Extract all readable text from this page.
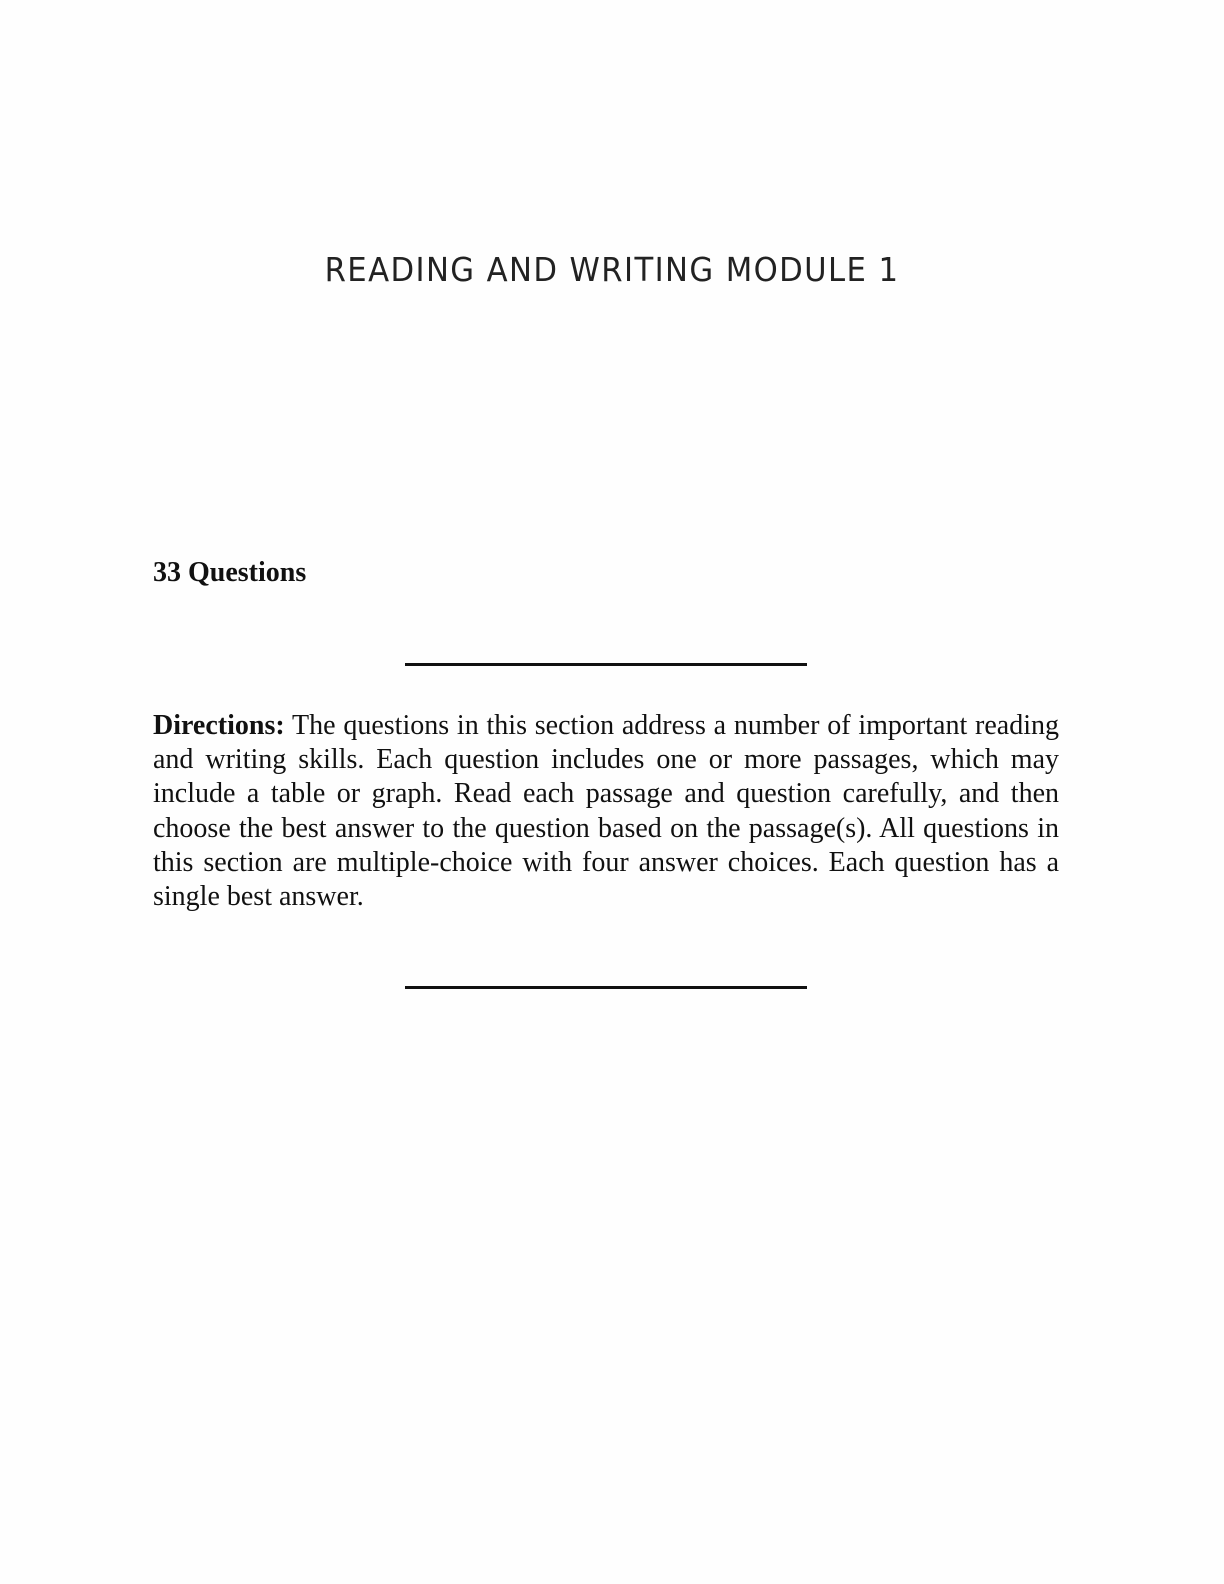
READING AND WRITING MODULE 1

33 Questions

Directions: The questions in this section address a number of important reading and writing skills. Each question includes one or more passages, which may include a table or graph. Read each passage and question carefully, and then choose the best answer to the question based on the passage(s). All questions in this section are multiple-choice with four answer choices. Each question has a single best answer.
